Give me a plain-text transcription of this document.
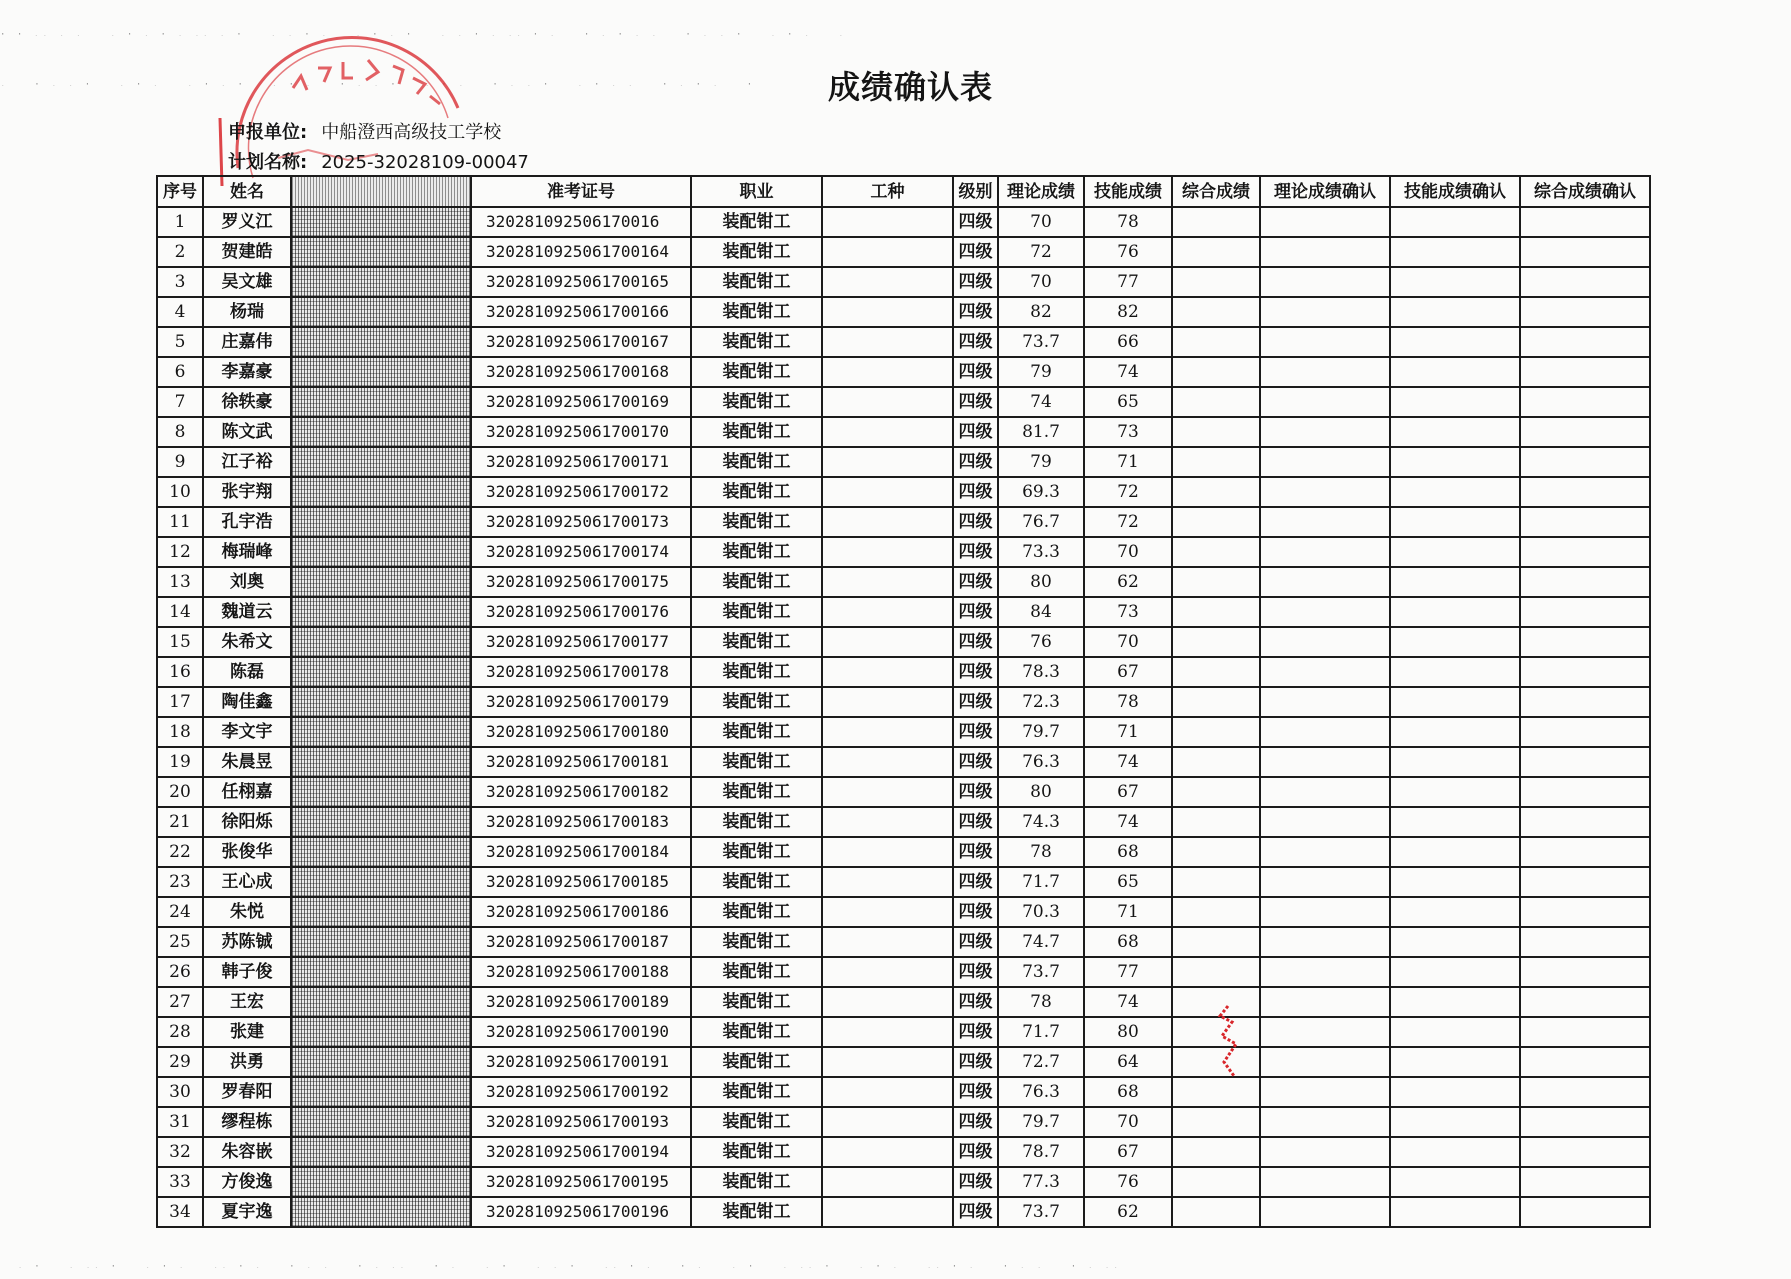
· · .. . . ‥ . · . · . .. . · ‥ . . · . ‥ . · . · ‥ . . · . .. · . ‥ · . · . . ‥ · . . · ‥ . · . ‥ .
. ‥ · . . · ‥ . · . ‥ . · . · ‥ . · . ‥ · . . · ‥ . · . ‥ · . . · ‥ . · . . ‥ · . · . ‥ ·
‥ . · ‥ . .. · ‥ . · . ‥ .. · . ‥ · . . ‥ · . .. ‥ · . ‥ . · ‥ . . · ‥ .. · . ‥ · . ‥ . · ‥ . .. · ‥ . · . ‥ .. · . ‥ · . . ‥ · . .. ‥
成绩确认表
申报单位: 中船澄西高级技工学校
计划名称: 2025-32028109-00047
序号	姓名		准考证号	职业	工种	级别	理论成绩	技能成绩	综合成绩	理论成绩确认	技能成绩确认	综合成绩确认
1	罗义江		320281092506170016	装配钳工		四级	70	78				
2	贺建皓		3202810925061700164	装配钳工		四级	72	76				
3	吴文雄		3202810925061700165	装配钳工		四级	70	77				
4	杨瑞		3202810925061700166	装配钳工		四级	82	82				
5	庄嘉伟		3202810925061700167	装配钳工		四级	73.7	66				
6	李嘉豪		3202810925061700168	装配钳工		四级	79	74				
7	徐轶豪		3202810925061700169	装配钳工		四级	74	65				
8	陈文武		3202810925061700170	装配钳工		四级	81.7	73				
9	江子裕		3202810925061700171	装配钳工		四级	79	71				
10	张宇翔		3202810925061700172	装配钳工		四级	69.3	72				
11	孔宇浩		3202810925061700173	装配钳工		四级	76.7	72				
12	梅瑞峰		3202810925061700174	装配钳工		四级	73.3	70				
13	刘奥		3202810925061700175	装配钳工		四级	80	62				
14	魏道云		3202810925061700176	装配钳工		四级	84	73				
15	朱希文		3202810925061700177	装配钳工		四级	76	70				
16	陈磊		3202810925061700178	装配钳工		四级	78.3	67				
17	陶佳鑫		3202810925061700179	装配钳工		四级	72.3	78				
18	李文宇		3202810925061700180	装配钳工		四级	79.7	71				
19	朱晨昱		3202810925061700181	装配钳工		四级	76.3	74				
20	任栩嘉		3202810925061700182	装配钳工		四级	80	67				
21	徐阳烁		3202810925061700183	装配钳工		四级	74.3	74				
22	张俊华		3202810925061700184	装配钳工		四级	78	68				
23	王心成		3202810925061700185	装配钳工		四级	71.7	65				
24	朱悦		3202810925061700186	装配钳工		四级	70.3	71				
25	苏陈铖		3202810925061700187	装配钳工		四级	74.7	68				
26	韩子俊		3202810925061700188	装配钳工		四级	73.7	77				
27	王宏		3202810925061700189	装配钳工		四级	78	74				
28	张建		3202810925061700190	装配钳工		四级	71.7	80				
29	洪勇		3202810925061700191	装配钳工		四级	72.7	64				
30	罗春阳		3202810925061700192	装配钳工		四级	76.3	68				
31	缪程栋		3202810925061700193	装配钳工		四级	79.7	70				
32	朱容嵌		3202810925061700194	装配钳工		四级	78.7	67				
33	方俊逸		3202810925061700195	装配钳工		四级	77.3	76				
34	夏宇逸		3202810925061700196	装配钳工		四级	73.7	62				
